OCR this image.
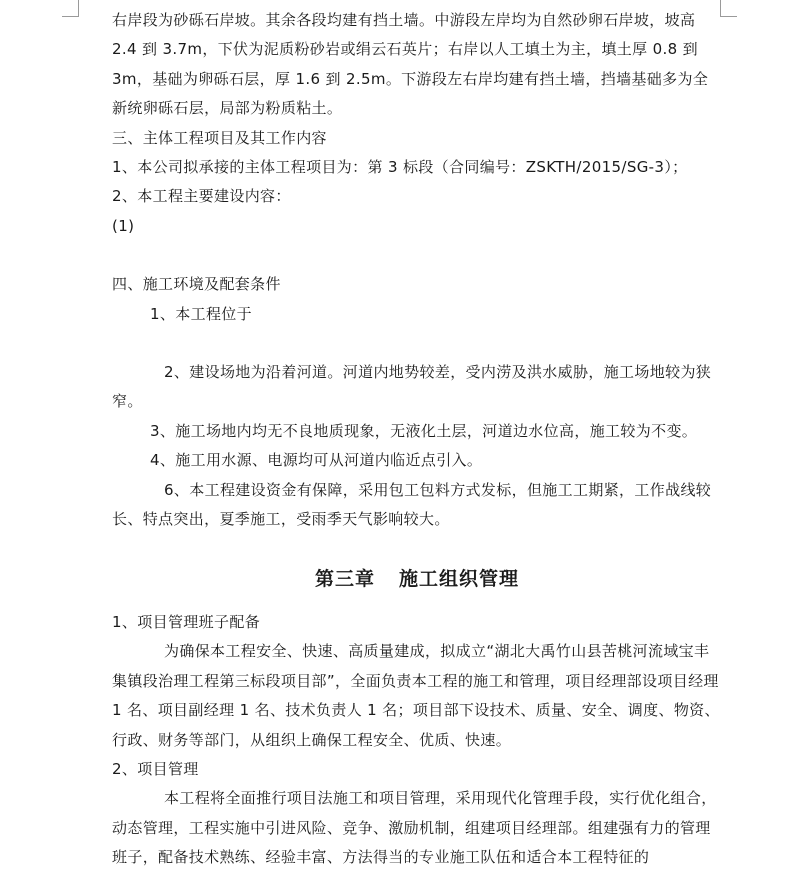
右岸段为砂砾石岸坡。其余各段均建有挡土墙。中游段左岸均为自然砂卵石岸坡，坡高

2.4 到 3.7m，下伏为泥质粉砂岩或绢云石英片；右岸以人工填土为主，填土厚 0.8 到

3m，基础为卵砾石层，厚 1.6 到 2.5m。下游段左右岸均建有挡土墙，挡墙基础多为全

新统卵砾石层，局部为粉质粘土。

三、主体工程项目及其工作内容

1、本公司拟承接的主体工程项目为：第 3 标段（合同编号：ZSKTH/2015/SG-3）；

2、本工程主要建设内容：

(1)

四、施工环境及配套条件

1、本工程位于

2、建设场地为沿着河道。河道内地势较差，受内涝及洪水威胁，施工场地较为狭窄。

3、施工场地内均无不良地质现象，无液化土层，河道边水位高，施工较为不变。

4、施工用水源、电源均可从河道内临近点引入。

6、本工程建设资金有保障，采用包工包料方式发标，但施工工期紧，工作战线较长、特点突出，夏季施工，受雨季天气影响较大。

第三章 施工组织管理

1、项目管理班子配备

为确保本工程安全、快速、高质量建成，拟成立“湖北大禹竹山县苦桃河流域宝丰集镇段治理工程第三标段项目部”，全面负责本工程的施工和管理，项目经理部设项目经理 1 名、项目副经理 1 名、技术负责人 1 名；项目部下设技术、质量、安全、调度、物资、行政、财务等部门，从组织上确保工程安全、优质、快速。

2、项目管理

本工程将全面推行项目法施工和项目管理，采用现代化管理手段，实行优化组合，动态管理，工程实施中引进风险、竞争、激励机制，组建项目经理部。组建强有力的管理班子，配备技术熟练、经验丰富、方法得当的专业施工队伍和适合本工程特征的
